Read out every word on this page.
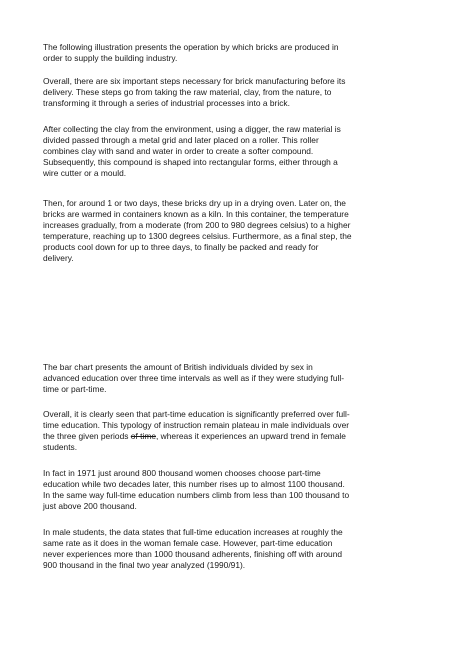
The following illustration presents the operation by which bricks are produced in
order to supply the building industry.

Overall, there are six important steps necessary for brick manufacturing before its
delivery. These steps go from taking the raw material, clay, from the nature, to
transforming it through a series of industrial processes into a brick.

After collecting the clay from the environment, using a digger, the raw material is
divided passed through a metal grid and later placed on a roller. This roller
combines clay with sand and water in order to create a softer compound.
Subsequently, this compound is shaped into rectangular forms, either through a
wire cutter or a mould.

Then, for around 1 or two days, these bricks dry up in a drying oven. Later on, the
bricks are warmed in containers known as a kiln. In this container, the temperature
increases gradually, from a moderate (from 200 to 980 degrees celsius) to a higher
temperature, reaching up to 1300 degrees celsius. Furthermore, as a final step, the
products cool down for up to three days, to finally be packed and ready for
delivery.

The bar chart presents the amount of British individuals divided by sex in
advanced education over three time intervals as well as if they were studying full-
time or part-time.

Overall, it is clearly seen that part-time education is significantly preferred over full-
time education. This typology of instruction remain plateau in male individuals over
the three given periods of time, whereas it experiences an upward trend in female
students.

In fact in 1971 just around 800 thousand women chooses choose part-time
education while two decades later, this number rises up to almost 1100 thousand.
In the same way full-time education numbers climb from less than 100 thousand to
just above 200 thousand.

In male students, the data states that full-time education increases at roughly the
same rate as it does in the woman female case. However, part-time education
never experiences more than 1000 thousand adherents, finishing off with around
900 thousand in the final two year analyzed (1990/91).
